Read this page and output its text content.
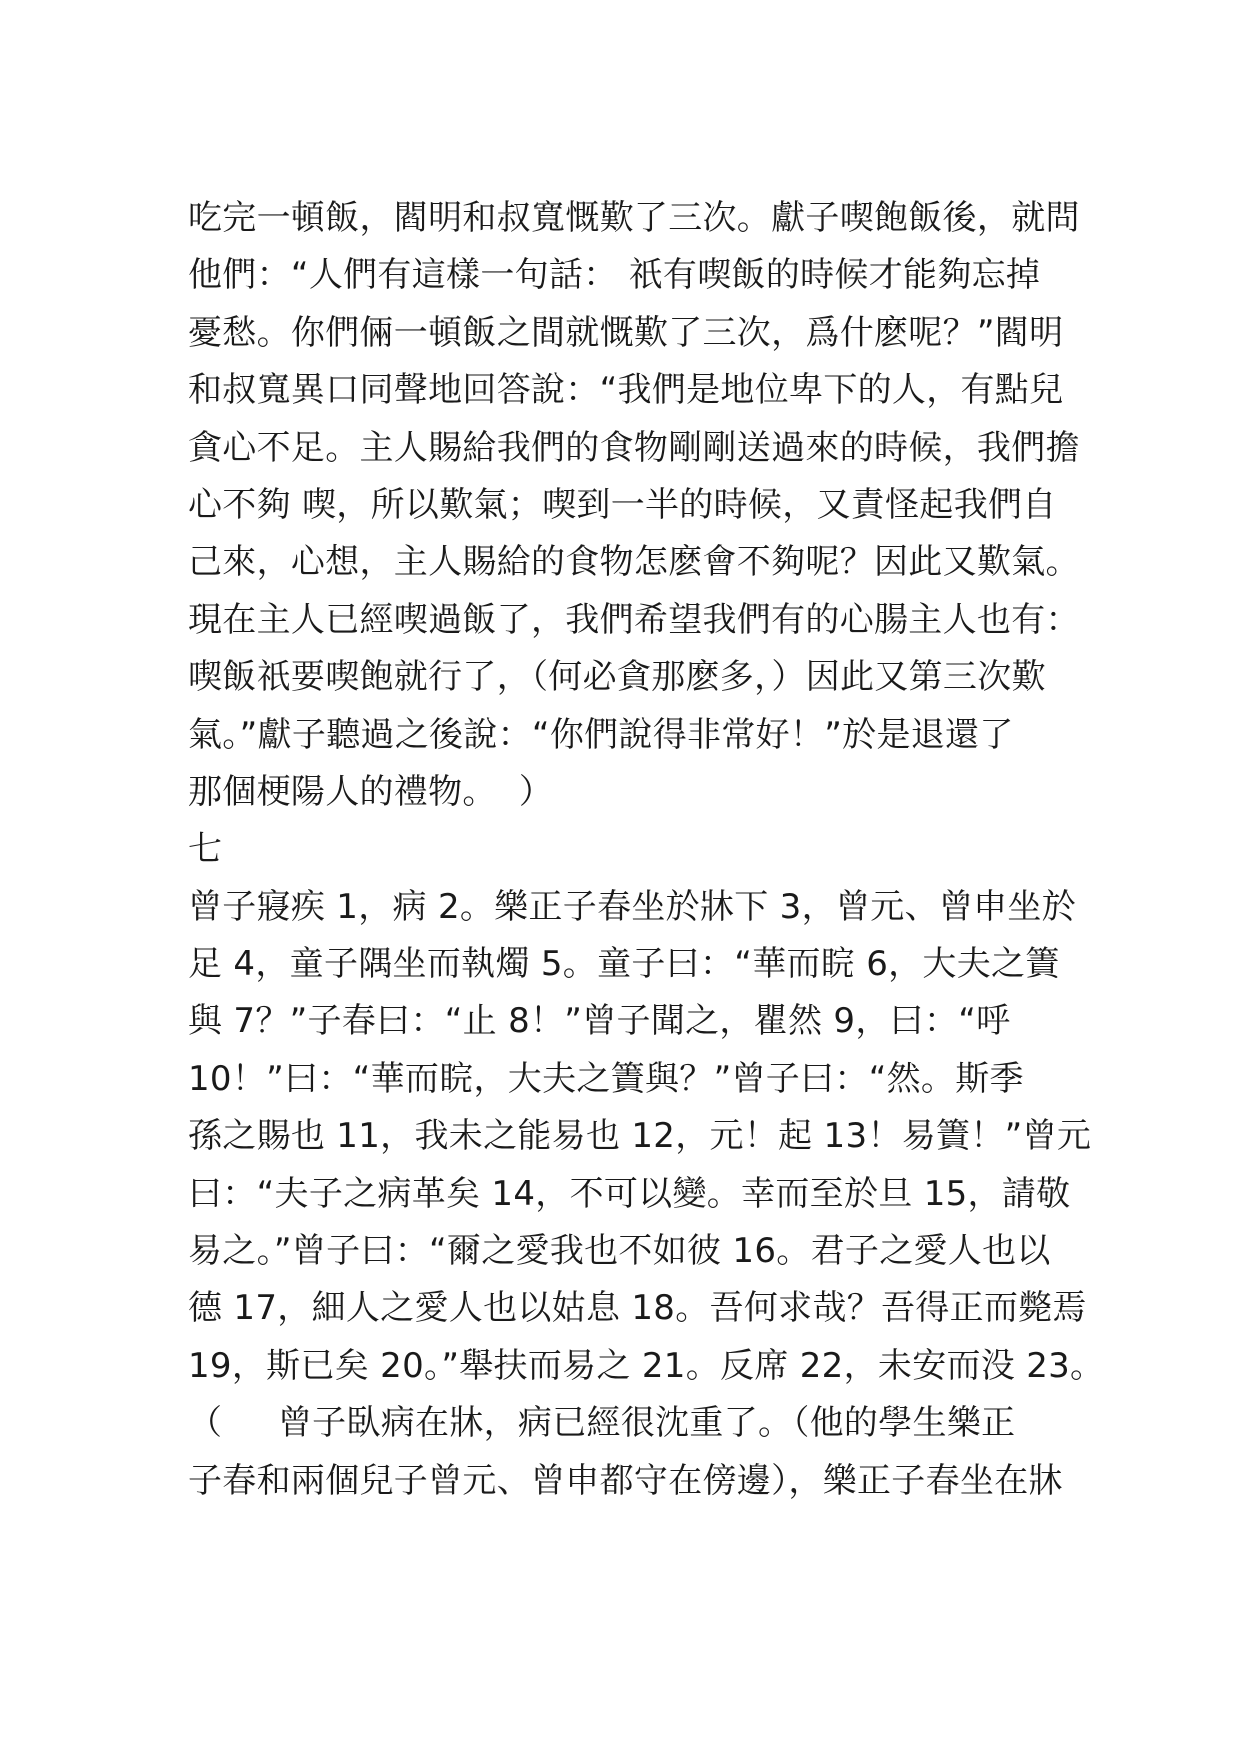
吃完一頓飯，閻明和叔寬慨歎了三次。獻子喫飽飯後，就問
他們：“人們有這樣一句話： 祇有喫飯的時候才能夠忘掉
憂愁。你們倆一頓飯之間就慨歎了三次，爲什麽呢？”閻明
和叔寬異口同聲地回答說：“我們是地位卑下的人，有點兒
貪心不足。主人賜給我們的食物剛剛送過來的時候，我們擔
心不夠 喫，所以歎氣；喫到一半的時候，又責怪起我們自
己來，心想，主人賜給的食物怎麽會不夠呢？因此又歎氣。
現在主人已經喫過飯了，我們希望我們有的心腸主人也有：
喫飯祇要喫飽就行了，（何必貪那麽多，）因此又第三次歎
氣。”獻子聽過之後說：“你們說得非常好！”於是退還了
那個梗陽人的禮物。  ）
七
曾子寢疾 1，病 2。樂正子春坐於牀下 3，曾元、曾申坐於
足 4，童子隅坐而執燭 5。童子曰：“華而睆 6，大夫之簀
與 7？”子春曰：“止 8！”曾子聞之，瞿然 9，曰：“呼
10！”曰：“華而睆，大夫之簀與？”曾子曰：“然。斯季
孫之賜也 11，我未之能易也 12，元！起 13！易簀！”曾元
曰：“夫子之病革矣 14，不可以變。幸而至於旦 15，請敬
易之。”曾子曰：“爾之愛我也不如彼 16。君子之愛人也以
德 17，細人之愛人也以姑息 18。吾何求哉？吾得正而斃焉
19，斯已矣 20。”舉扶而易之 21。反席 22，未安而没 23。
（     曾子臥病在牀，病已經很沈重了。（他的學生樂正
子春和兩個兒子曾元、曾申都守在傍邊），樂正子春坐在牀
